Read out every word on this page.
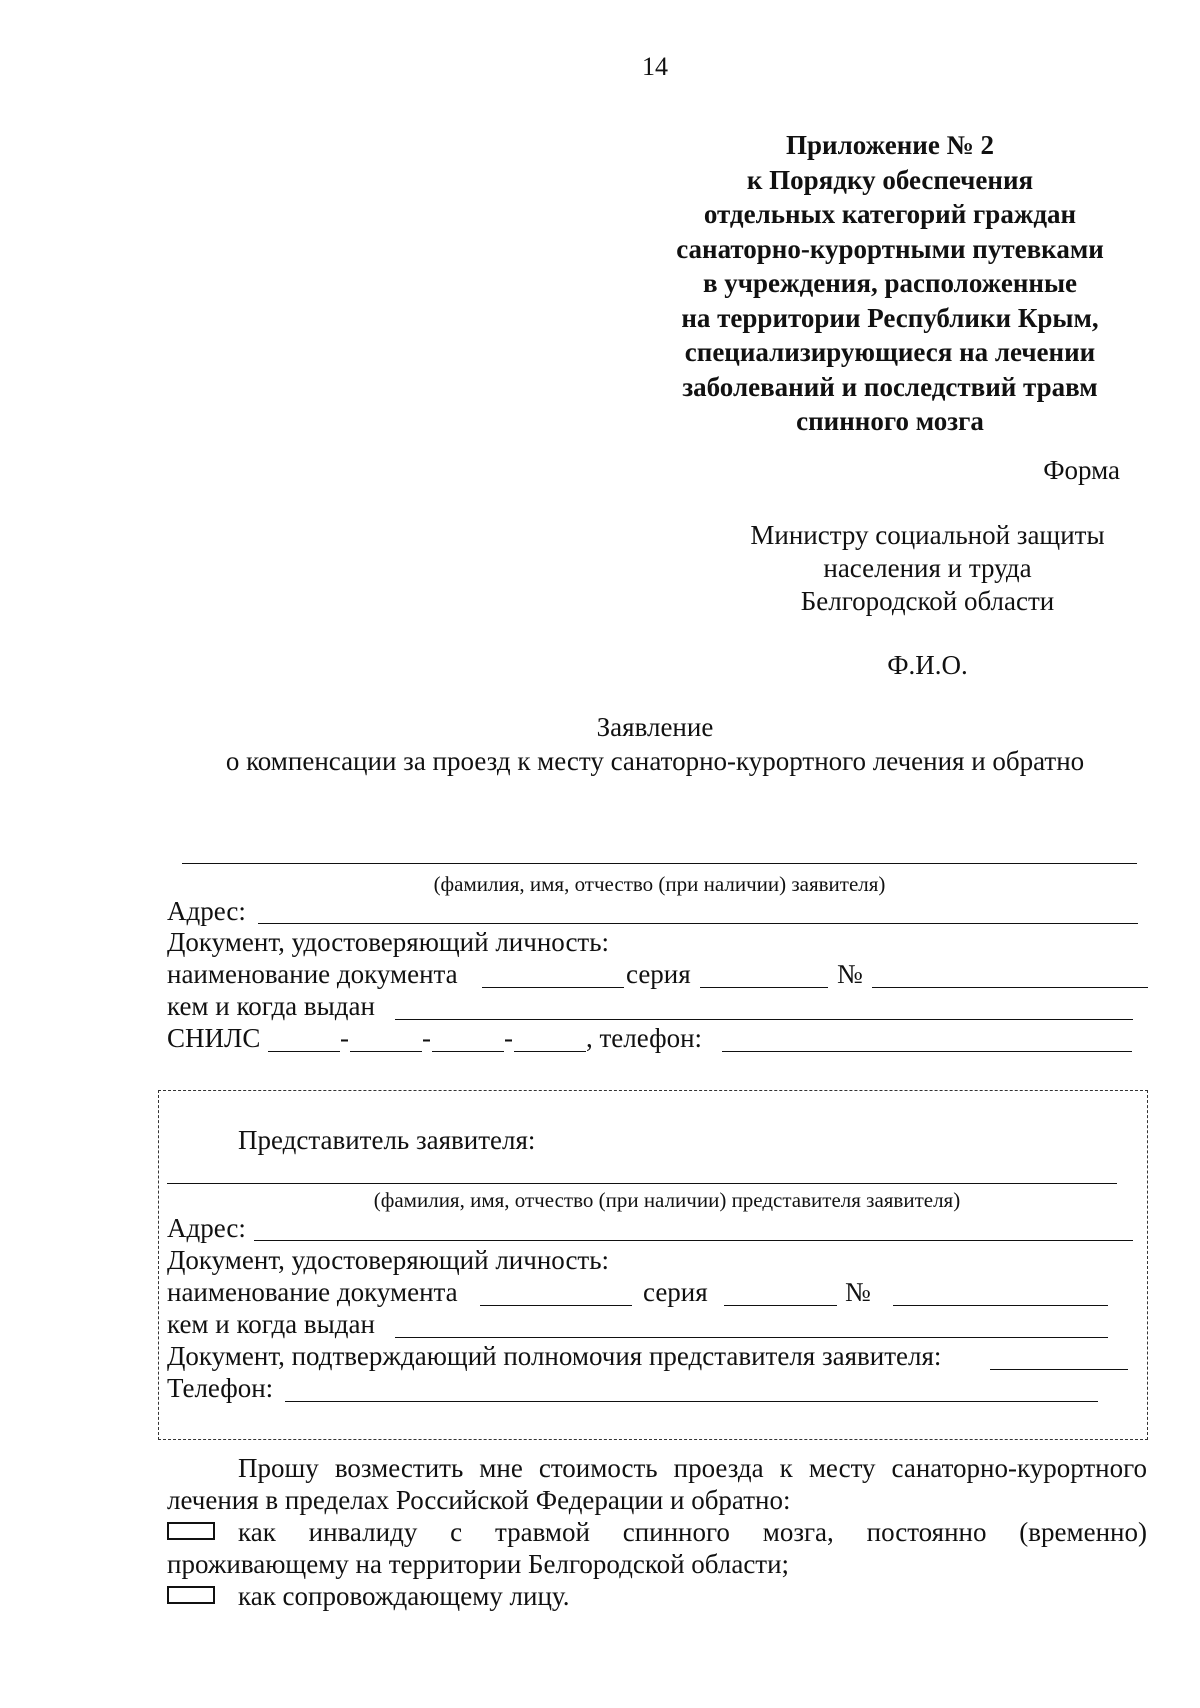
14
Приложение № 2
к Порядку обеспечения
отдельных категорий граждан
санаторно-курортными путевками
в учреждения, расположенные
на территории Республики Крым,
специализирующиеся на лечении
заболеваний и последствий травм
спинного мозга
Форма
Министру социальной защиты
населения и труда
Белгородской области
Ф.И.О.
Заявление
о компенсации за проезд к месту санаторно-курортного лечения и обратно
(фамилия, имя, отчество (при наличии) заявителя)
Адрес:
Документ, удостоверяющий личность:
наименование документа	серия	№
кем и когда выдан
СНИЛС	-	-	-	, телефон:
Представитель заявителя:
(фамилия, имя, отчество (при наличии) представителя заявителя)
Адрес:
Документ, удостоверяющий личность:
наименование документа	серия	№
кем и когда выдан
Документ, подтверждающий полномочия представителя заявителя:
Телефон:
Прошу возместить мне стоимость проезда к месту санаторно-курортного
лечения в пределах Российской Федерации и обратно:
как инвалиду с травмой спинного мозга, постоянно (временно)
проживающему на территории Белгородской области;
как сопровождающему лицу.
